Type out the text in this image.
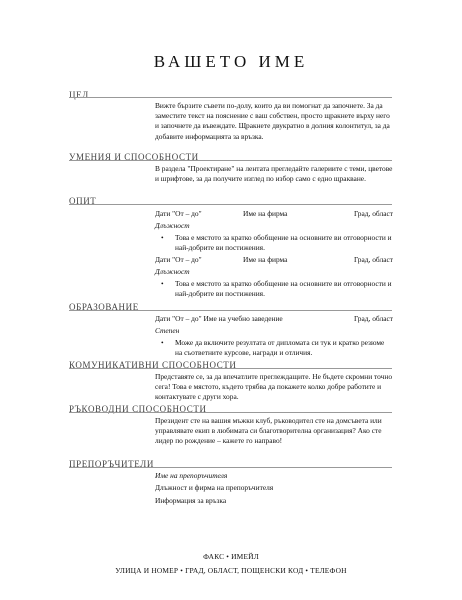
ВАШЕТО ИМЕ
ЦЕЛ

Вижте бързите съвети по-долу, които да ви помогнат да започнете. За да заместите текст на пояснение с ваш собствен, просто щракнете върху него и започнете да въвеждате. Щракнете двукратно в долния колонтитул, за да добавите информацията за връзка.

УМЕНИЯ И СПОСОБНОСТИ

В раздела "Проектиране" на лентата прегледайте галериите с теми, цветове и шрифтове, за да получите изглед по избор само с едно щракване.

ОПИТ
Дати "От – до"	Име на фирма	Град, област
Длъжност
• Това е мястото за кратко обобщение на основните ви отговорности и най-добрите ви постижения.
Дати "От – до"	Име на фирма	Град, област
Длъжност
• Това е мястото за кратко обобщение на основните ви отговорности и най-добрите ви постижения.
ОБРАЗОВАНИЕ
Дати "От – до" Име на учебно заведение	Град, област
Степен
• Може да включите резултата от дипломата си тук и кратко резюме на съответните курсове, награди и отличия.
КОМУНИКАТИВНИ СПОСОБНОСТИ

Представяте се, за да впечатлите преглеждащите. Не бъдете скромни точно сега! Това е мястото, където трябва да покажете колко добре работите и контактувате с други хора.

РЪКОВОДНИ СПОСОБНОСТИ

Президент сте на вашия мъжки клуб, ръководител сте на домсъвета или управлявате екип в любимата си благотворителна организация? Ако сте лидер по рождение – кажете го направо!

ПРЕПОРЪЧИТЕЛИ
Име на препоръчителя
Длъжност и фирма на препоръчителя
Информация за връзка
ФАКС • ИМЕЙЛ
УЛИЦА И НОМЕР • ГРАД, ОБЛАСТ, ПОЩЕНСКИ КОД • ТЕЛЕФОН
